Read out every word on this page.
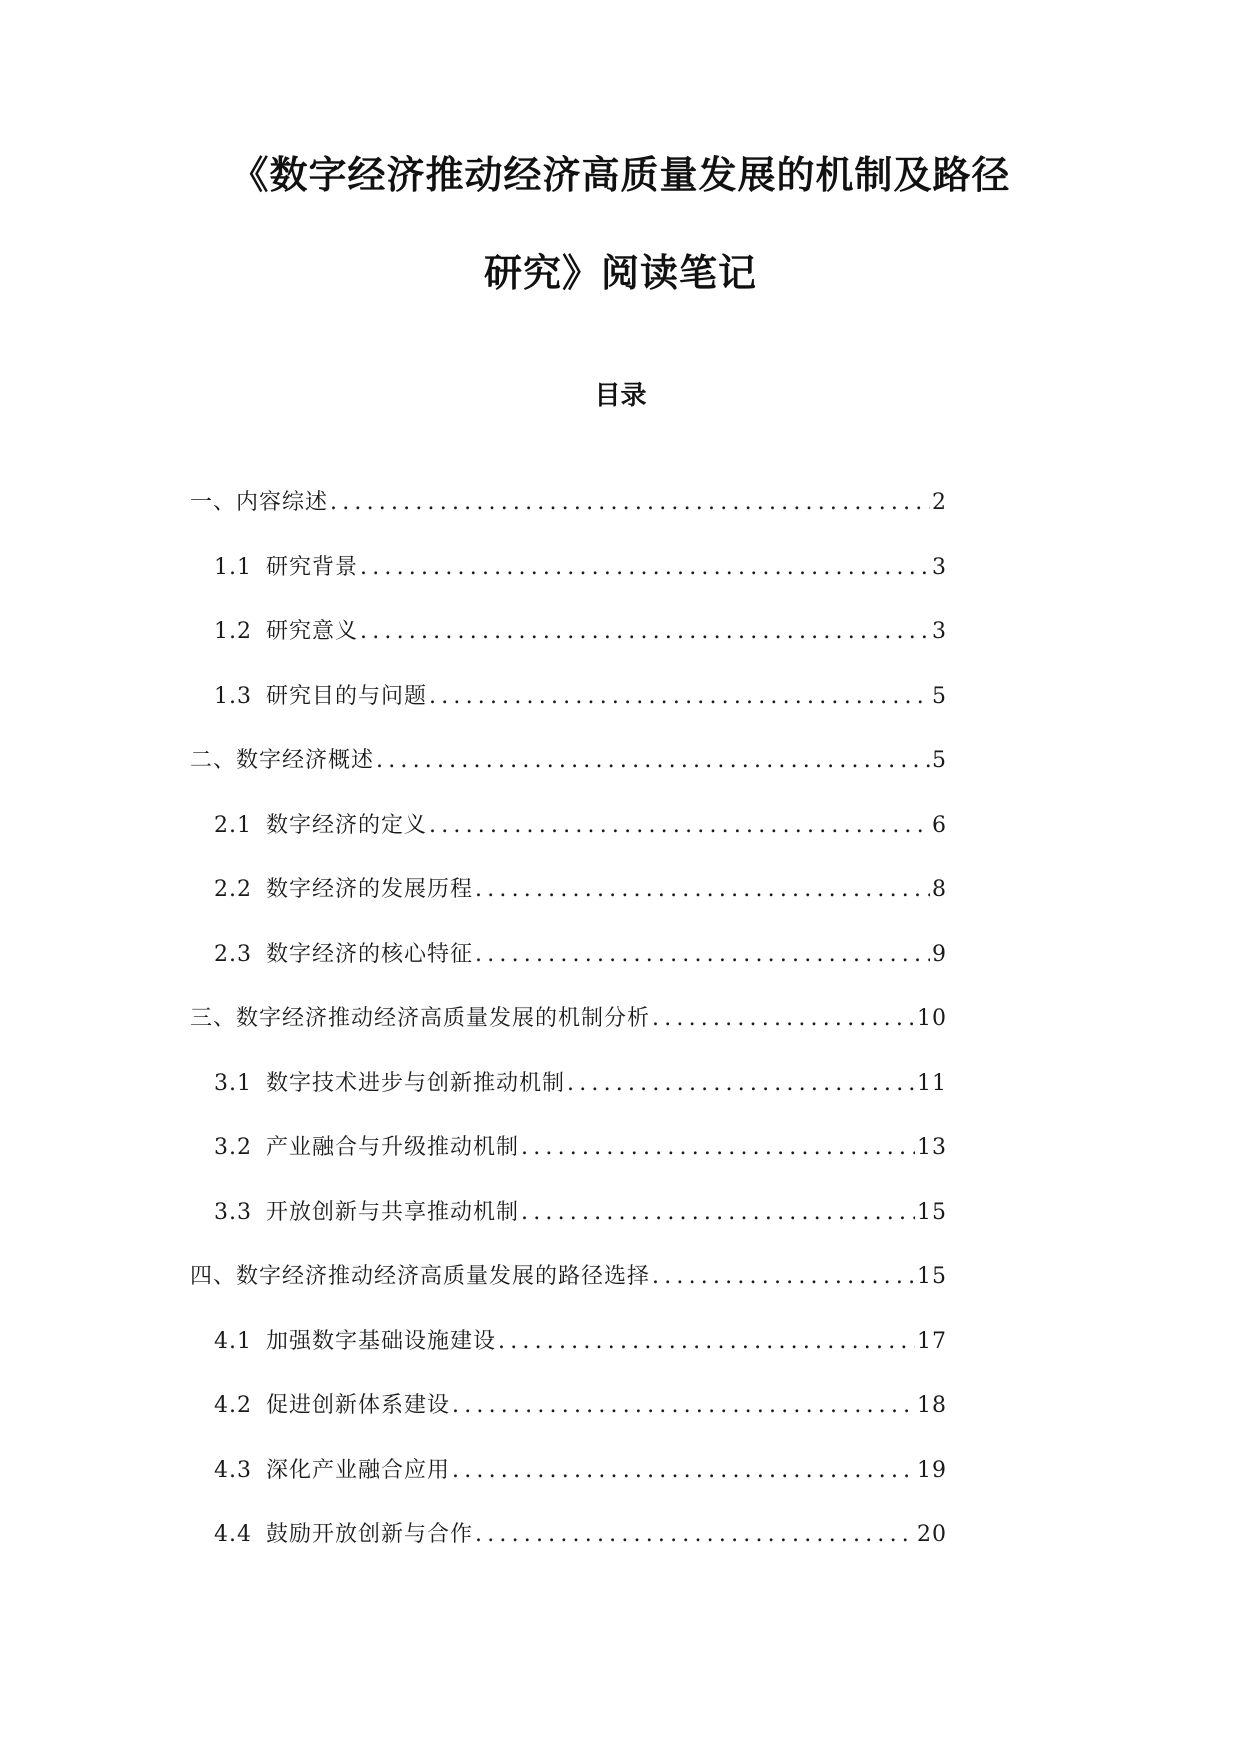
《数字经济推动经济高质量发展的机制及路径
研究》阅读笔记
目录
一、内容综述 .....	2
1.1 研究背景 .....	3
1.2 研究意义 .....	3
1.3 研究目的与问题 .....	5
二、数字经济概述 .....	5
2.1 数字经济的定义 .....	6
2.2 数字经济的发展历程 .....	8
2.3 数字经济的核心特征 .....	9
三、数字经济推动经济高质量发展的机制分析 .....	10
3.1 数字技术进步与创新推动机制 .....	11
3.2 产业融合与升级推动机制 .....	13
3.3 开放创新与共享推动机制 .....	15
四、数字经济推动经济高质量发展的路径选择 .....	15
4.1 加强数字基础设施建设 .....	17
4.2 促进创新体系建设 .....	18
4.3 深化产业融合应用 .....	19
4.4 鼓励开放创新与合作 .....	20
